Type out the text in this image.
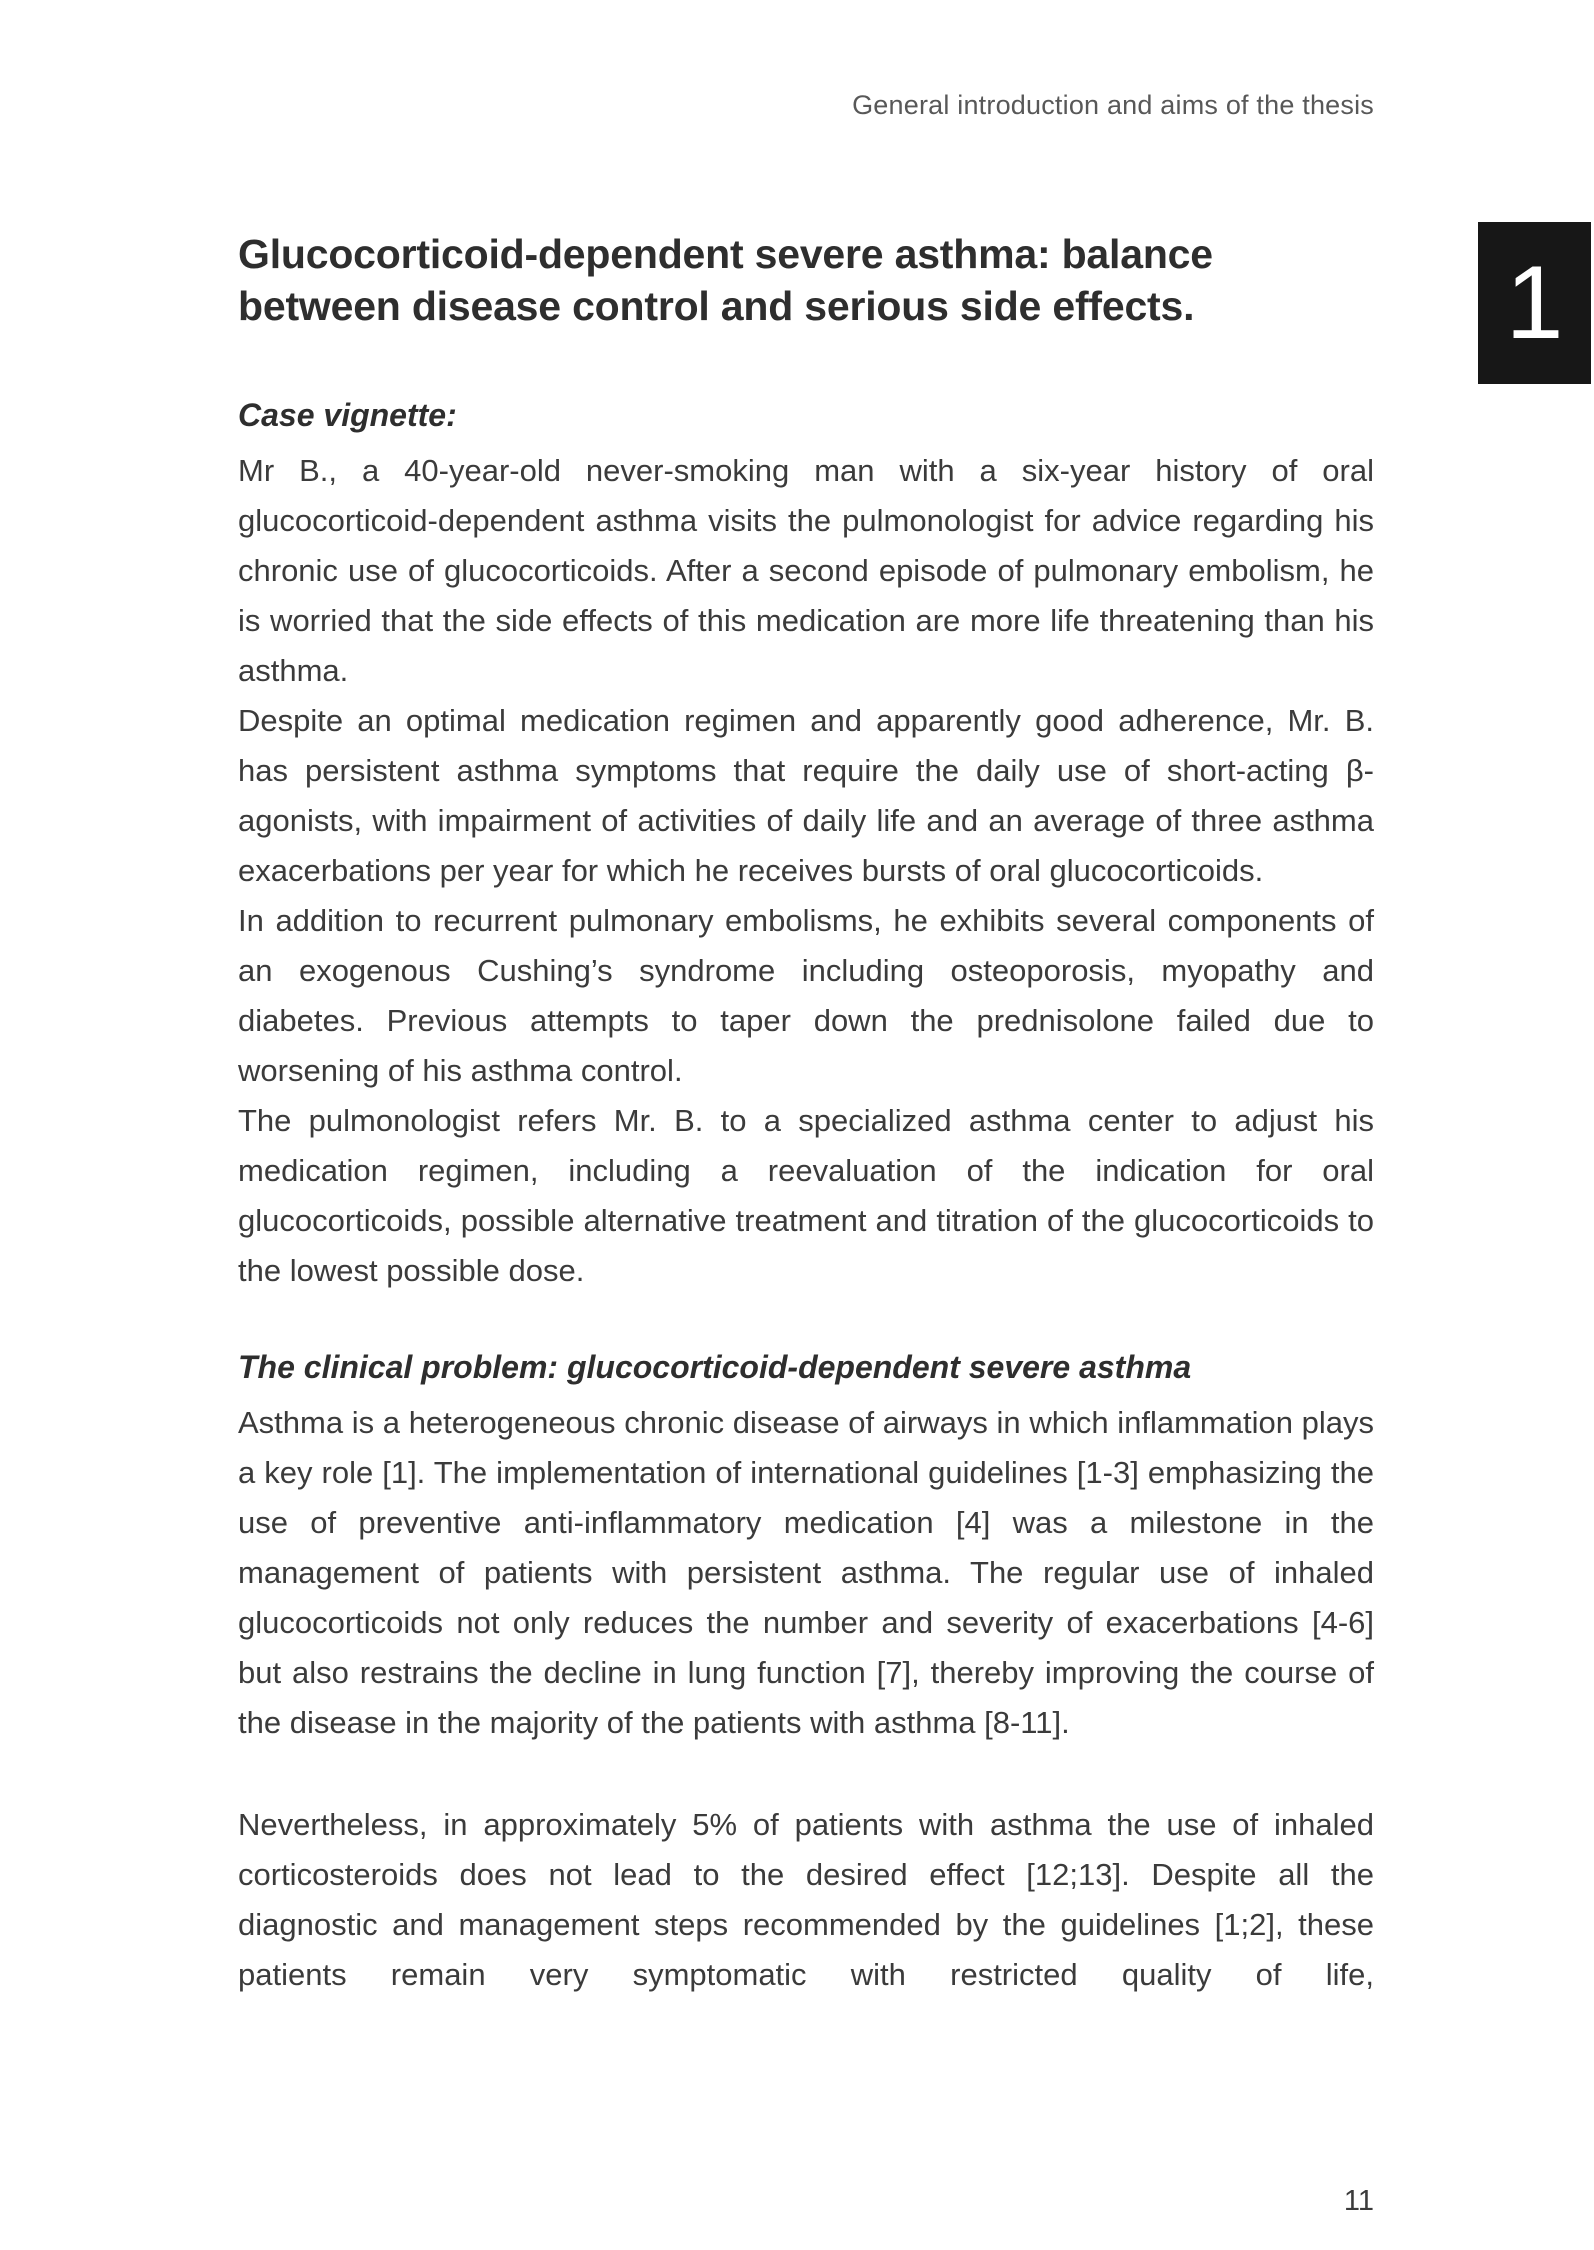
General introduction and aims of the thesis
1
Glucocorticoid-dependent severe asthma: balance between disease control and serious side effects.
Case vignette:

Mr B., a 40-year-old never-smoking man with a six-year history of oral glucocorticoid-dependent asthma visits the pulmonologist for advice regarding his chronic use of glucocorticoids. After a second episode of pulmonary embolism, he is worried that the side effects of this medication are more life threatening than his asthma.

Despite an optimal medication regimen and apparently good adherence, Mr. B. has persistent asthma symptoms that require the daily use of short-acting β-agonists, with impairment of activities of daily life and an average of three asthma exacerbations per year for which he receives bursts of oral glucocorticoids.

In addition to recurrent pulmonary embolisms, he exhibits several components of an exogenous Cushing’s syndrome including osteoporosis, myopathy and diabetes. Previous attempts to taper down the prednisolone failed due to worsening of his asthma control.

The pulmonologist refers Mr. B. to a specialized asthma center to adjust his medication regimen, including a reevaluation of the indication for oral glucocorticoids, possible alternative treatment and titration of the glucocorticoids to the lowest possible dose.

The clinical problem: glucocorticoid-dependent severe asthma

Asthma is a heterogeneous chronic disease of airways in which inflammation plays a key role [1]. The implementation of international guidelines [1-3] emphasizing the use of preventive anti-inflammatory medication [4] was a milestone in the management of patients with persistent asthma. The regular use of inhaled glucocorticoids not only reduces the number and severity of exacerbations [4-6] but also restrains the decline in lung function [7], thereby improving the course of the disease in the majority of the patients with asthma [8-11].

Nevertheless, in approximately 5% of patients with asthma the use of inhaled corticosteroids does not lead to the desired effect [12;13]. Despite all the diagnostic and management steps recommended by the guidelines [1;2], these patients remain very symptomatic with restricted quality of life,

11
